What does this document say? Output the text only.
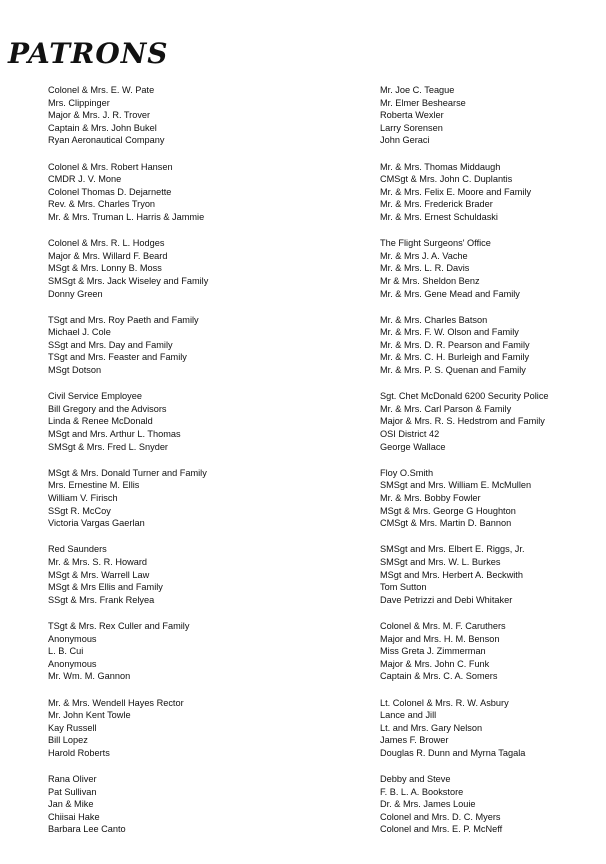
PATRONS
Colonel & Mrs. E. W. Pate
Mrs. Clippinger
Major & Mrs. J. R. Trover
Captain & Mrs. John Bukel
Ryan Aeronautical Company
Colonel & Mrs. Robert Hansen
CMDR J. V. Mone
Colonel Thomas D. Dejarnette
Rev. & Mrs. Charles Tryon
Mr. & Mrs. Truman L. Harris & Jammie
Colonel & Mrs. R. L. Hodges
Major & Mrs. Willard F. Beard
MSgt & Mrs. Lonny B. Moss
SMSgt & Mrs. Jack Wiseley and Family
Donny Green
TSgt and Mrs. Roy Paeth and Family
Michael J. Cole
SSgt and Mrs. Day and Family
TSgt and Mrs. Feaster and Family
MSgt Dotson
Civil Service Employee
Bill Gregory and the Advisors
Linda & Renee McDonald
MSgt and Mrs. Arthur L. Thomas
SMSgt & Mrs. Fred L. Snyder
MSgt & Mrs. Donald Turner and Family
Mrs. Ernestine M. Ellis
William V. Firisch
SSgt R. McCoy
Victoria Vargas Gaerlan
Red Saunders
Mr. & Mrs. S. R. Howard
MSgt & Mrs. Warrell Law
MSgt & Mrs Ellis and Family
SSgt & Mrs. Frank Relyea
TSgt & Mrs. Rex Culler and Family
Anonymous
L. B. Cui
Anonymous
Mr. Wm. M. Gannon
Mr. & Mrs. Wendell Hayes Rector
Mr. John Kent Towle
Kay Russell
Bill Lopez
Harold Roberts
Rana Oliver
Pat Sullivan
Jan & Mike
Chiisai Hake
Barbara Lee Canto
Mr. Joe C. Teague
Mr. Elmer Beshearse
Roberta Wexler
Larry Sorensen
John Geraci
Mr. & Mrs. Thomas Middaugh
CMSgt & Mrs. John C. Duplantis
Mr. & Mrs. Felix E. Moore and Family
Mr. & Mrs. Frederick Brader
Mr. & Mrs. Ernest Schuldaski
The Flight Surgeons' Office
Mr. & Mrs J. A. Vache
Mr. & Mrs. L. R. Davis
Mr & Mrs. Sheldon Benz
Mr. & Mrs. Gene Mead and Family
Mr. & Mrs. Charles Batson
Mr. & Mrs. F. W. Olson and Family
Mr. & Mrs. D. R. Pearson and Family
Mr. & Mrs. C. H. Burleigh and Family
Mr. & Mrs. P. S. Quenan and Family
Sgt. Chet McDonald 6200 Security Police
Mr. & Mrs. Carl Parson & Family
Major & Mrs. R. S. Hedstrom and Family
OSI District 42
George Wallace
Floy O.Smith
SMSgt and Mrs. William E. McMullen
Mr. & Mrs. Bobby Fowler
MSgt & Mrs. George G Houghton
CMSgt & Mrs. Martin D. Bannon
SMSgt and Mrs. Elbert E. Riggs, Jr.
SMSgt and Mrs. W. L. Burkes
MSgt and Mrs. Herbert A. Beckwith
Tom Sutton
Dave Petrizzi and Debi Whitaker
Colonel & Mrs. M. F. Caruthers
Major and Mrs. H. M. Benson
Miss Greta J. Zimmerman
Major & Mrs. John C. Funk
Captain & Mrs. C. A. Somers
Lt. Colonel & Mrs. R. W. Asbury
Lance and Jill
Lt. and Mrs. Gary Nelson
James F. Brower
Douglas R. Dunn and Myrna Tagala
Debby and Steve
F. B. L. A. Bookstore
Dr. & Mrs. James Louie
Colonel and Mrs. D. C. Myers
Colonel and Mrs. E. P. McNeff
